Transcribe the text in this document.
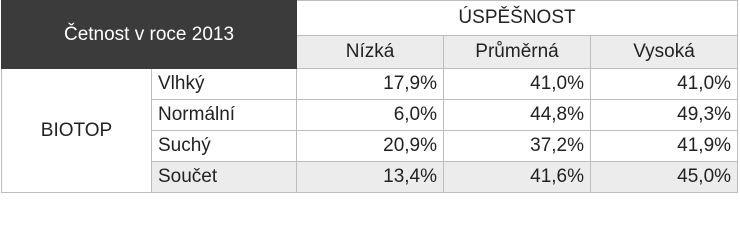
Četnost v roce 2013		ÚSPĚŠNOST		
		Nízká	Průměrná	Vysoká
BIOTOP	Vlhký	17,9%	41,0%	41,0%
	Normální	6,0%	44,8%	49,3%
	Suchý	20,9%	37,2%	41,9%
	Součet	13,4%	41,6%	45,0%
